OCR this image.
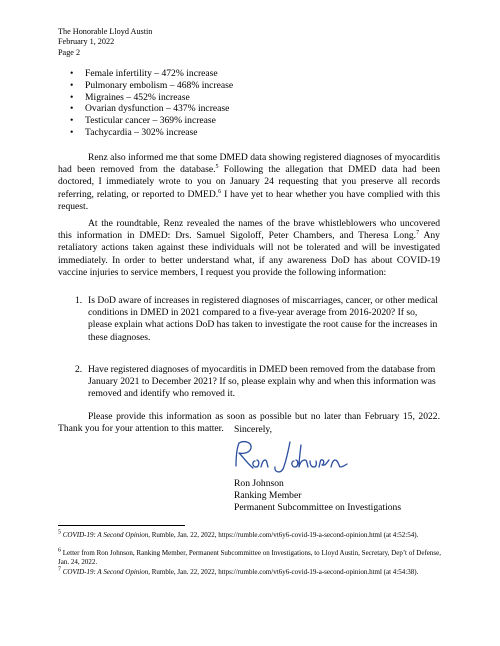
The Honorable Lloyd Austin
February 1, 2022
Page 2
• Female infertility – 472% increase
• Pulmonary embolism – 468% increase
• Migraines – 452% increase
• Ovarian dysfunction – 437% increase
• Testicular cancer – 369% increase
• Tachycardia – 302% increase

Renz also informed me that some DMED data showing registered diagnoses of myocarditis had been removed from the database.$^5$ Following the allegation that DMED data had been doctored, I immediately wrote to you on January 24 requesting that you preserve all records referring, relating, or reported to DMED.$^6$ I have yet to hear whether you have complied with this request.

At the roundtable, Renz revealed the names of the brave whistleblowers who uncovered this information in DMED: Drs. Samuel Sigoloff, Peter Chambers, and Theresa Long.$^7$ Any retaliatory actions taken against these individuals will not be tolerated and will be investigated immediately. In order to better understand what, if any awareness DoD has about COVID-19 vaccine injuries to service members, I request you provide the following information:

1. Is DoD aware of increases in registered diagnoses of miscarriages, cancer, or other medical conditions in DMED in 2021 compared to a five-year average from 2016-2020? If so, please explain what actions DoD has taken to investigate the root cause for the increases in these diagnoses.
2. Have registered diagnoses of myocarditis in DMED been removed from the database from January 2021 to December 2021? If so, please explain why and when this information was removed and identify who removed it.

Please provide this information as soon as possible but no later than February 15, 2022. Thank you for your attention to this matter.	Sincerely,
Ron Johnson
Ranking Member
Permanent Subcommittee on Investigations

$^5$ COVID-19: A Second Opinion, Rumble, Jan. 22, 2022, https://rumble.com/vt6y6-covid-19-a-second-opinion.html (at 4:52:54).

$^6$ Letter from Ron Johnson, Ranking Member, Permanent Subcommittee on Investigations, to Lloyd Austin, Secretary, Dep’t of Defense, Jan. 24, 2022.

$^7$ COVID-19: A Second Opinion, Rumble, Jan. 22, 2022, https://rumble.com/vt6y6-covid-19-a-second-opinion.html (at 4:54:38).
